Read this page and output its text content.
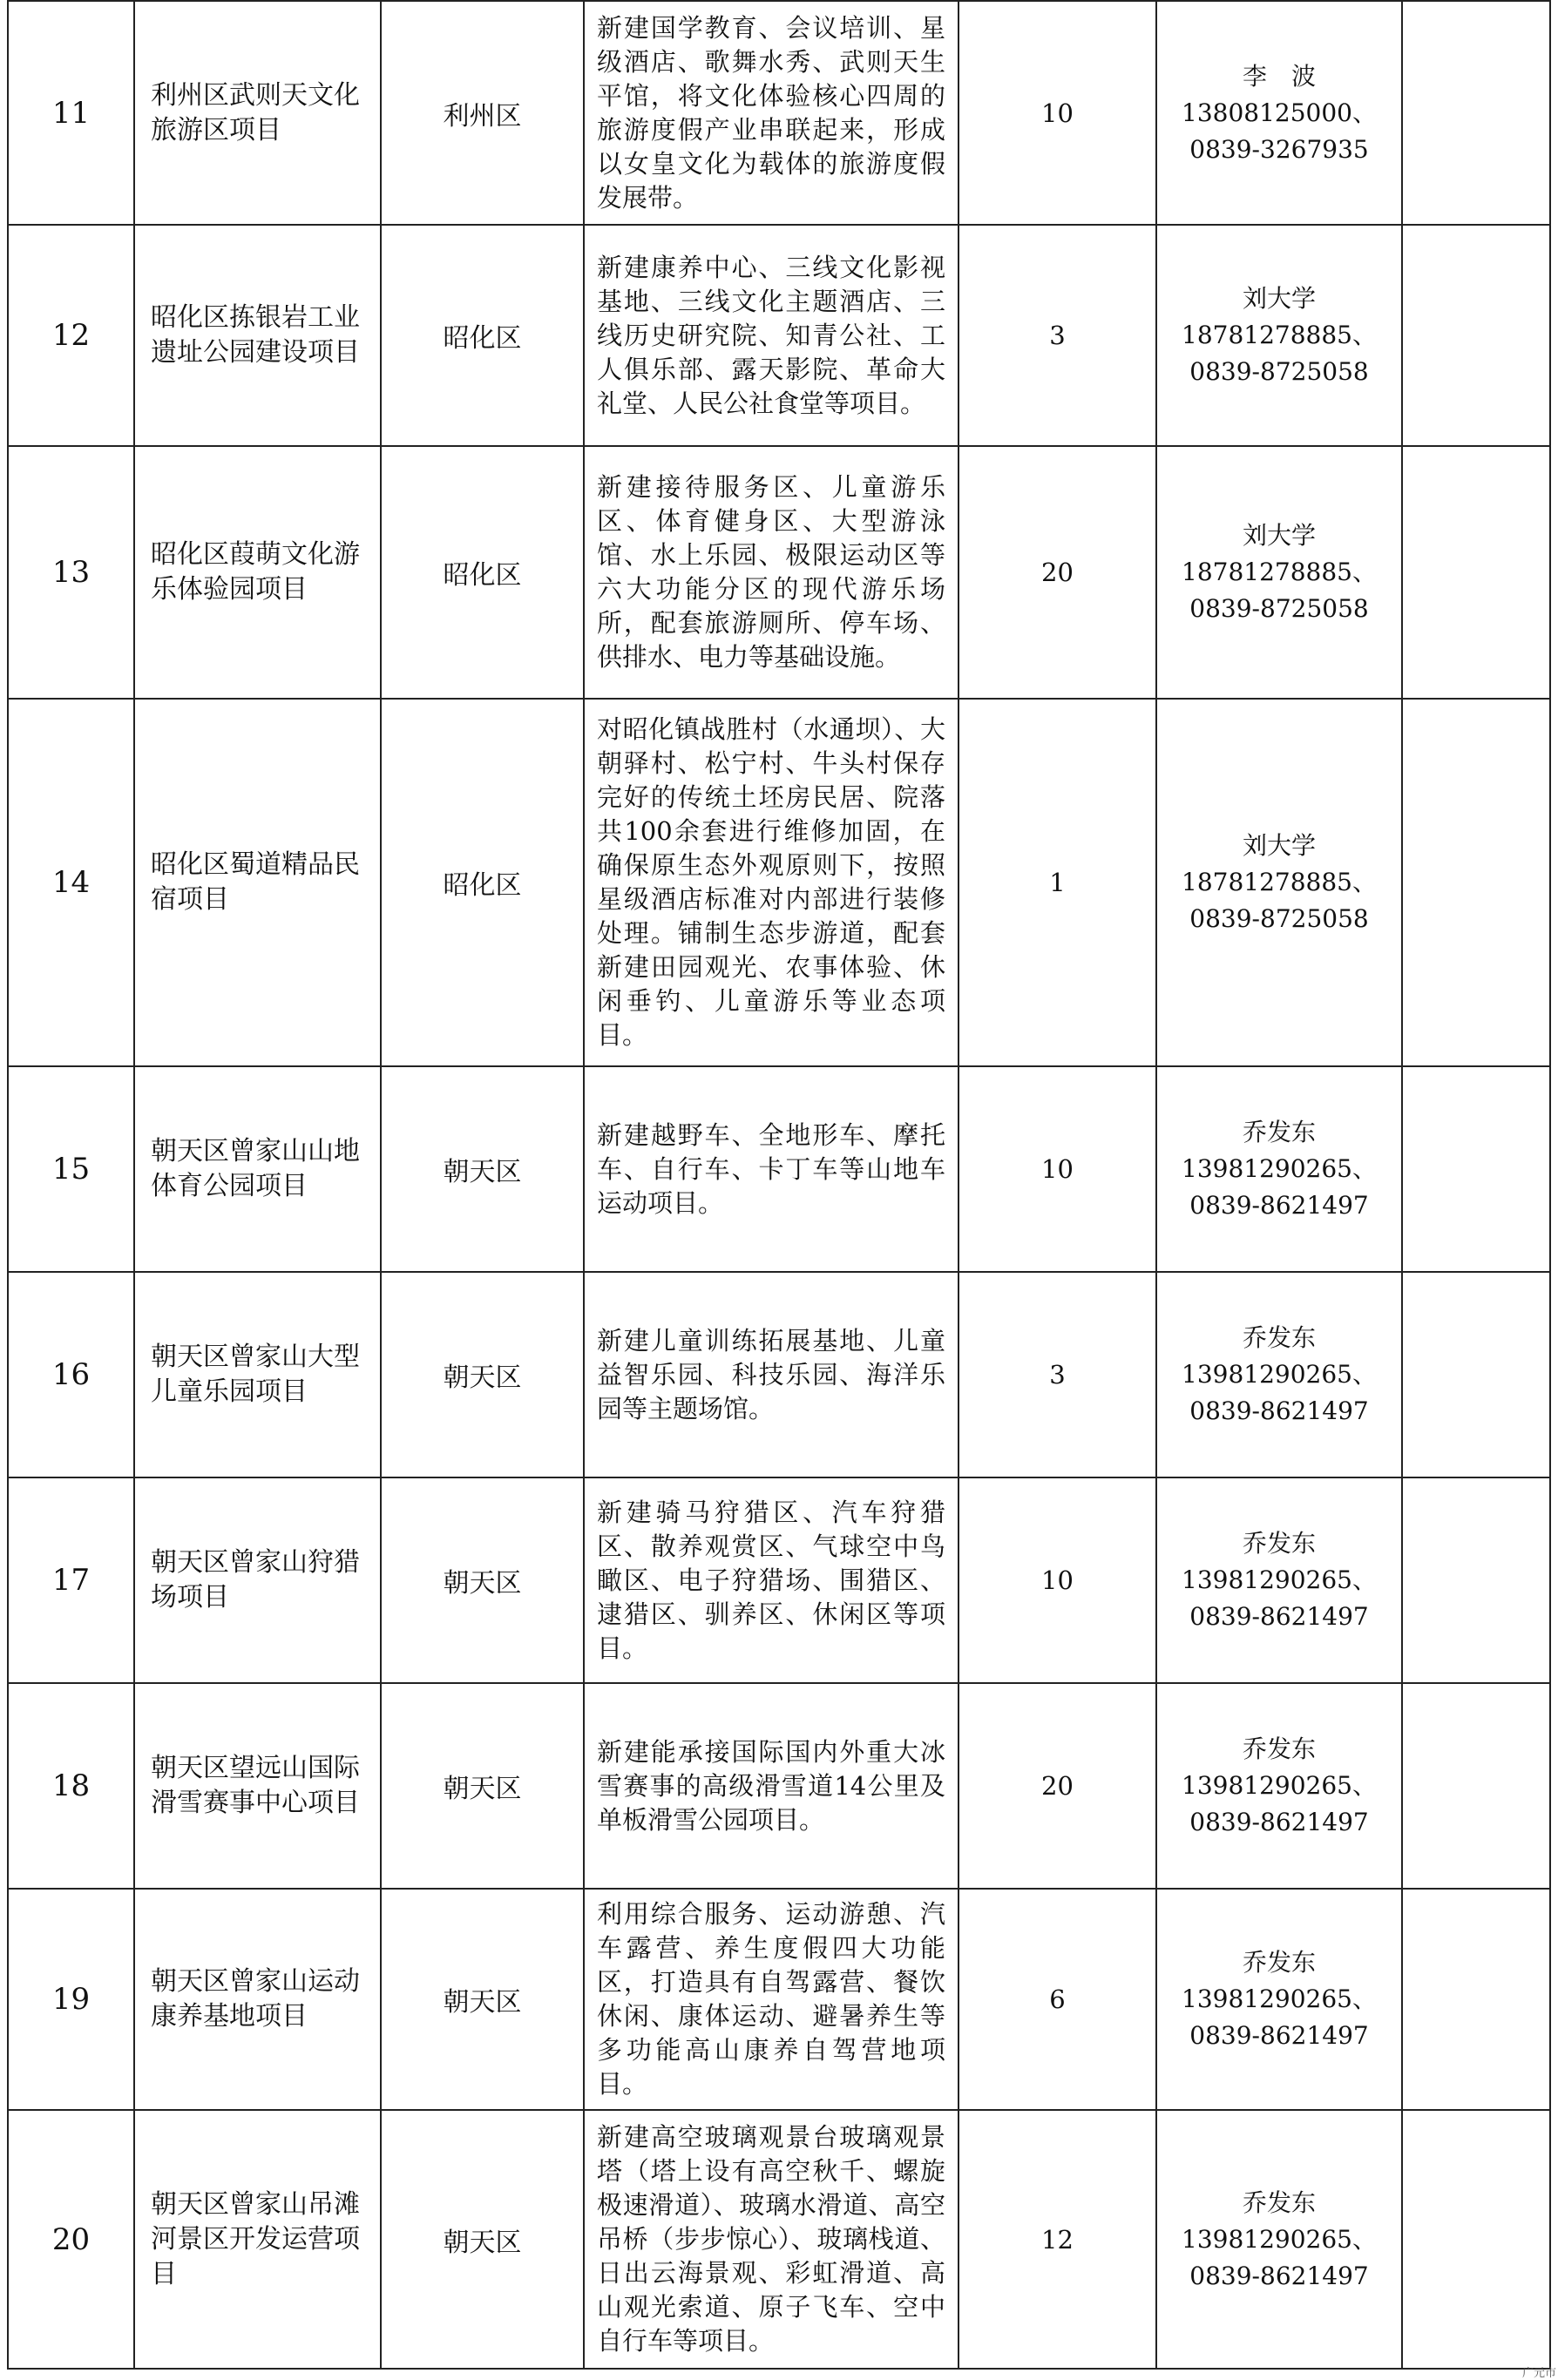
11	利州区武则天文化旅游区项目	利州区	新建国学教育、会议培训、星级酒店、歌舞水秀、武则天生平馆，将文化体验核心四周的旅游度假产业串联起来，形成以女皇文化为载体的旅游度假发展带。	10	李　波
13808125000、
0839-3267935	

12	昭化区拣银岩工业遗址公园建设项目	昭化区	新建康养中心、三线文化影视基地、三线文化主题酒店、三线历史研究院、知青公社、工人俱乐部、露天影院、革命大礼堂、人民公社食堂等项目。	3	刘大学
18781278885、
0839-8725058	

13	昭化区葭萌文化游乐体验园项目	昭化区	新建接待服务区、儿童游乐区、体育健身区、大型游泳馆、水上乐园、极限运动区等六大功能分区的现代游乐场所，配套旅游厕所、停车场、供排水、电力等基础设施。	20	刘大学
18781278885、
0839-8725058	

14	昭化区蜀道精品民宿项目	昭化区	对昭化镇战胜村（水通坝）、大朝驿村、松宁村、牛头村保存完好的传统土坯房民居、院落共100余套进行维修加固，在确保原生态外观原则下，按照星级酒店标准对内部进行装修处理。铺制生态步游道，配套新建田园观光、农事体验、休闲垂钓、儿童游乐等业态项目。	1	刘大学
18781278885、
0839-8725058	

15	朝天区曾家山山地体育公园项目	朝天区	新建越野车、全地形车、摩托车、自行车、卡丁车等山地车运动项目。	10	乔发东
13981290265、
0839-8621497	

16	朝天区曾家山大型儿童乐园项目	朝天区	新建儿童训练拓展基地、儿童益智乐园、科技乐园、海洋乐园等主题场馆。	3	乔发东
13981290265、
0839-8621497	

17	朝天区曾家山狩猎场项目	朝天区	新建骑马狩猎区、汽车狩猎区、散养观赏区、气球空中鸟瞰区、电子狩猎场、围猎区、逮猎区、驯养区、休闲区等项目。	10	乔发东
13981290265、
0839-8621497	

18	朝天区望远山国际滑雪赛事中心项目	朝天区	新建能承接国际国内外重大冰雪赛事的高级滑雪道14公里及单板滑雪公园项目。	20	乔发东
13981290265、
0839-8621497	

19	朝天区曾家山运动康养基地项目	朝天区	利用综合服务、运动游憩、汽车露营、养生度假四大功能区，打造具有自驾露营、餐饮休闲、康体运动、避暑养生等多功能高山康养自驾营地项目。	6	乔发东
13981290265、
0839-8621497	

20	朝天区曾家山吊滩河景区开发运营项目	朝天区	新建高空玻璃观景台玻璃观景塔（塔上设有高空秋千、螺旋极速滑道）、玻璃水滑道、高空吊桥（步步惊心）、玻璃栈道、日出云海景观、彩虹滑道、高山观光索道、原子飞车、空中自行车等项目。	12	乔发东
13981290265、
0839-8621497	

广元市
